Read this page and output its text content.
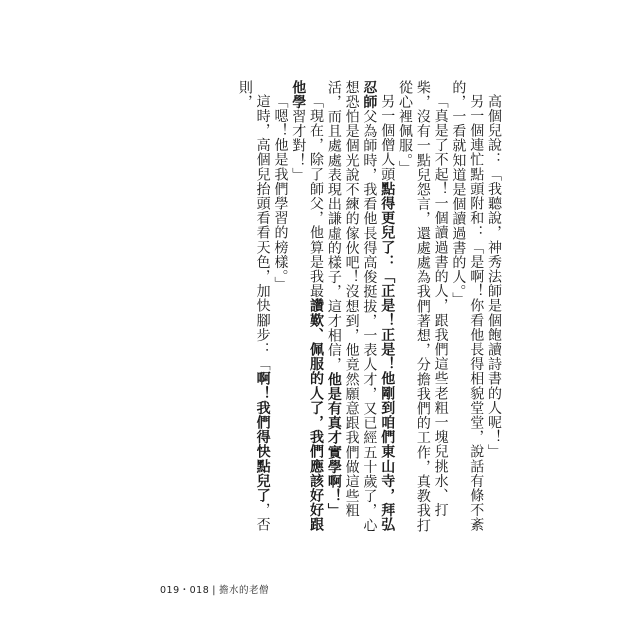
高個兒說：「我聽說，神秀法師是個飽讀詩書的人呢！」

另一個連忙點頭附和：「是啊！你看他長得相貌堂堂，說話有條不紊的，一看就知道是個讀過書的人。」

「真是了不起！一個讀過書的人，跟我們這些老粗一塊兒挑水、打柴，沒有一點兒怨言，還處處為我們著想，分擔我們的工作，真教我打從心裡佩服。」

另一個僧人頭點得更兒了：「正是！正是！他剛到咱們東山寺，拜弘忍師父為師時，我看他長得高俊挺拔，一表人才，又已經五十歲了，心想恐怕是個光說不練的傢伙吧！沒想到，他竟然願意跟我們做這些粗活，而且處處表現出謙虛的樣子，這才相信，他是有真才實學啊！」

「現在，除了師父，他算是我最讚歎、佩服的人了，我們應該好好跟他學習才對！」

「嗯！他是我們學習的榜樣。」

這時，高個兒抬頭看看天色，加快腳步：「啊！我們得快點兒了，否則，

019・018 | 擔水的老僧
